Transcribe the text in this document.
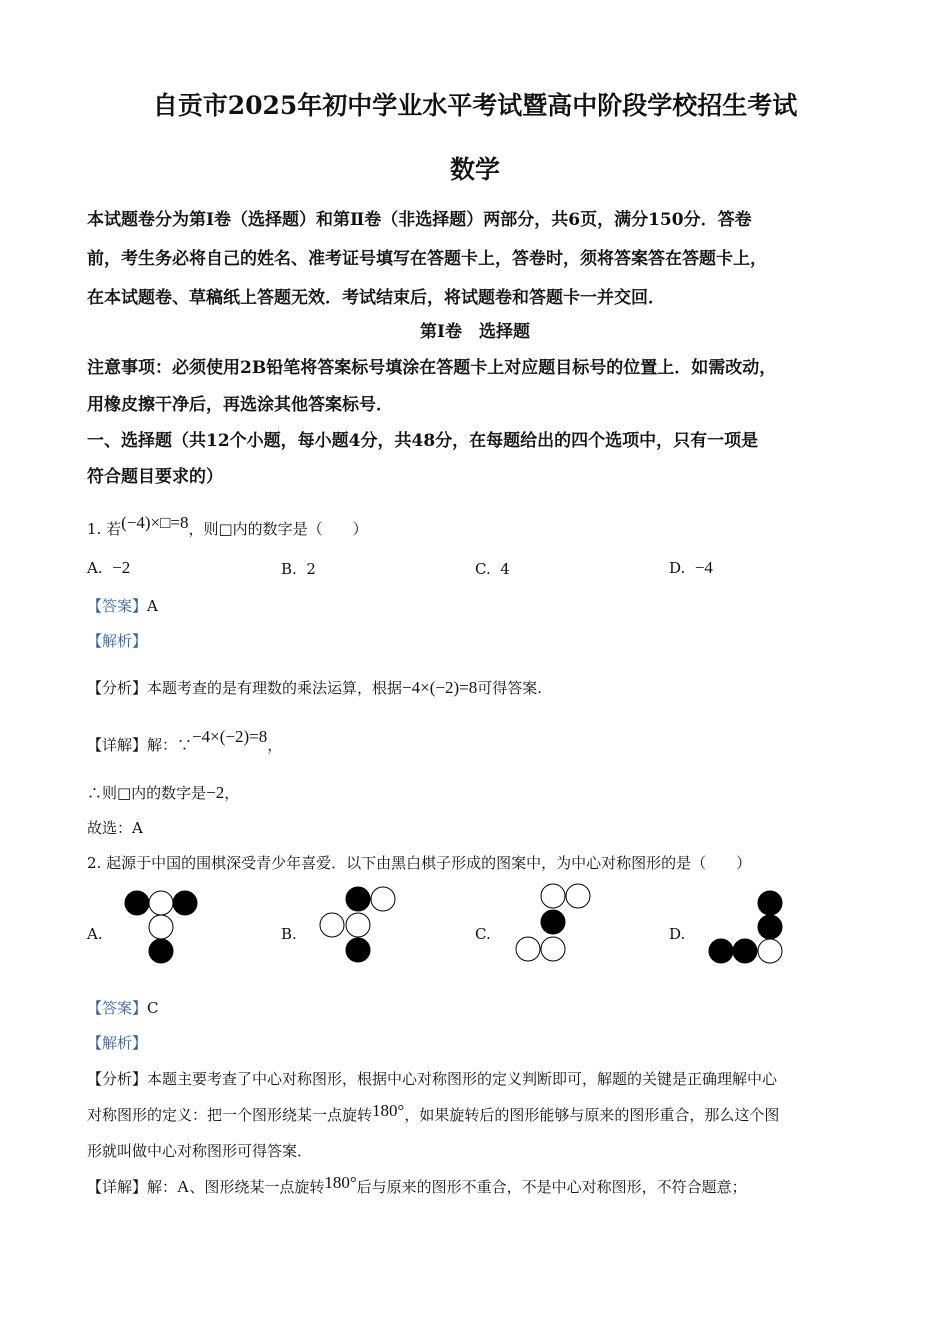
自贡市2025年初中学业水平考试暨高中阶段学校招生考试
数学
本试题卷分为第Ⅰ卷（选择题）和第Ⅱ卷（非选择题）两部分，共6页，满分150分．答卷
前，考生务必将自己的姓名、准考证号填写在答题卡上，答卷时，须将答案答在答题卡上，
在本试题卷、草稿纸上答题无效．考试结束后，将试题卷和答题卡一并交回．
第Ⅰ卷　选择题
注意事项：必须使用2B铅笔将答案标号填涂在答题卡上对应题目标号的位置上．如需改动，
用橡皮擦干净后，再选涂其他答案标号．
一、选择题（共12个小题，每小题4分，共48分，在每题给出的四个选项中，只有一项是
符合题目要求的）
1. 若(−4)×□=8，则□内的数字是（　　）
A. −2	B. 2	C. 4	D. −4
【答案】A
【解析】
【分析】本题考查的是有理数的乘法运算，根据−4×(−2)=8可得答案.
【详解】解：∵−4×(−2)=8，
∴则□内的数字是−2，
故选：A
2. 起源于中国的围棋深受青少年喜爱．以下由黑白棋子形成的图案中，为中心对称图形的是（　　）
A.	B.	C.	D.
【答案】C
【解析】
【分析】本题主要考查了中心对称图形，根据中心对称图形的定义判断即可，解题的关键是正确理解中心
对称图形的定义：把一个图形绕某一点旋转180°，如果旋转后的图形能够与原来的图形重合，那么这个图
形就叫做中心对称图形可得答案．
【详解】解：A、图形绕某一点旋转180°后与原来的图形不重合，不是中心对称图形，不符合题意；
